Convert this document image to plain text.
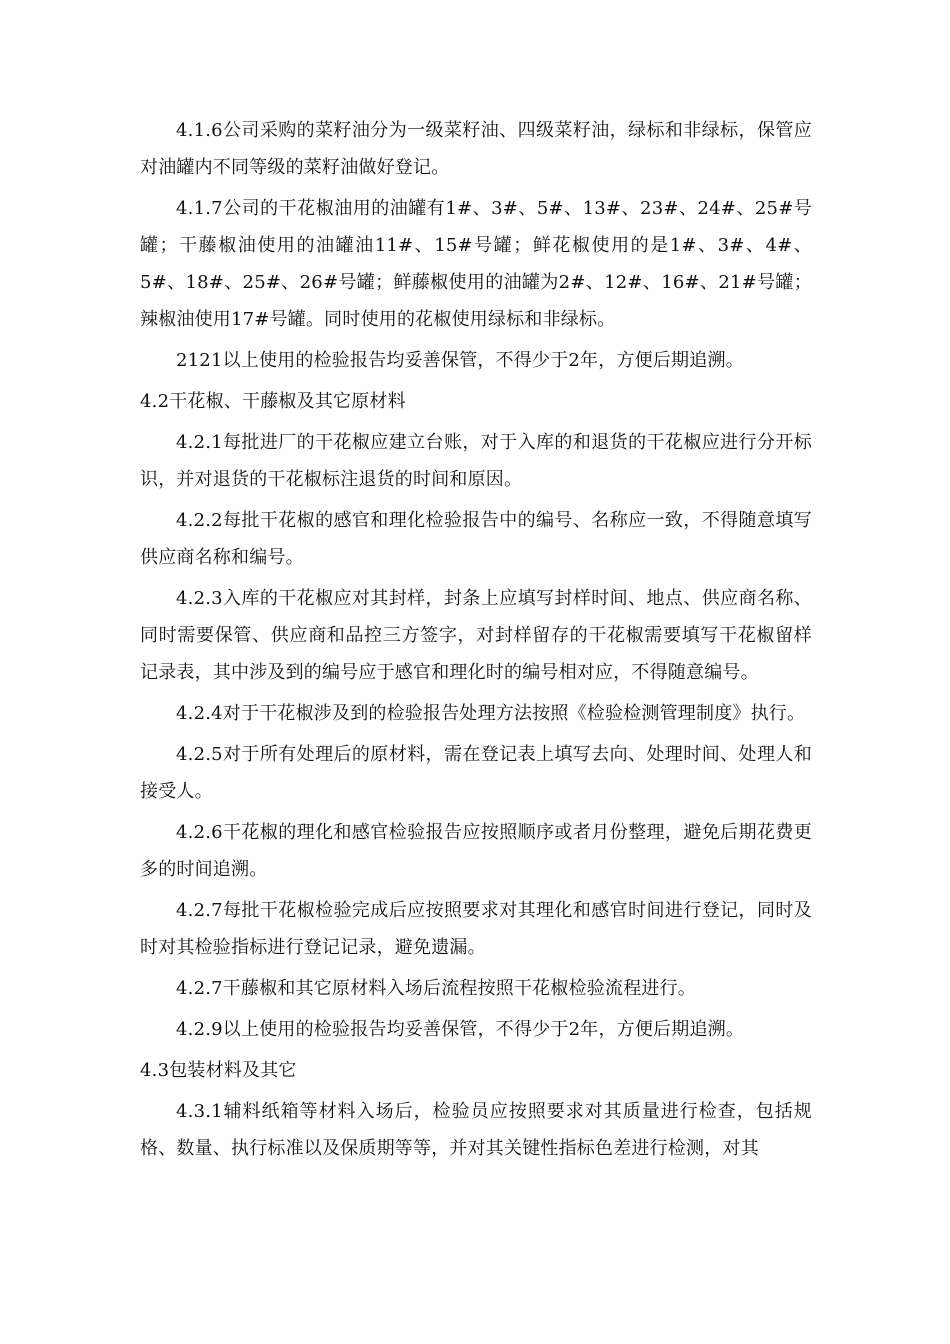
4.1.6公司采购的菜籽油分为一级菜籽油、四级菜籽油，绿标和非绿标，保管应对油罐内不同等级的菜籽油做好登记。

4.1.7公司的干花椒油用的油罐有1#、3#、5#、13#、23#、24#、25#号罐；干藤椒油使用的油罐油11#、15#号罐；鲜花椒使用的是1#、3#、4#、5#、18#、25#、26#号罐；鲜藤椒使用的油罐为2#、12#、16#、21#号罐；辣椒油使用17#号罐。同时使用的花椒使用绿标和非绿标。

2121以上使用的检验报告均妥善保管，不得少于2年，方便后期追溯。

4.2干花椒、干藤椒及其它原材料

4.2.1每批进厂的干花椒应建立台账，对于入库的和退货的干花椒应进行分开标识，并对退货的干花椒标注退货的时间和原因。

4.2.2每批干花椒的感官和理化检验报告中的编号、名称应一致，不得随意填写供应商名称和编号。

4.2.3入库的干花椒应对其封样，封条上应填写封样时间、地点、供应商名称、同时需要保管、供应商和品控三方签字，对封样留存的干花椒需要填写干花椒留样记录表，其中涉及到的编号应于感官和理化时的编号相对应，不得随意编号。

4.2.4对于干花椒涉及到的检验报告处理方法按照《检验检测管理制度》执行。

4.2.5对于所有处理后的原材料，需在登记表上填写去向、处理时间、处理人和接受人。

4.2.6干花椒的理化和感官检验报告应按照顺序或者月份整理，避免后期花费更多的时间追溯。

4.2.7每批干花椒检验完成后应按照要求对其理化和感官时间进行登记，同时及时对其检验指标进行登记记录，避免遗漏。

4.2.7干藤椒和其它原材料入场后流程按照干花椒检验流程进行。

4.2.9以上使用的检验报告均妥善保管，不得少于2年，方便后期追溯。

4.3包装材料及其它

4.3.1辅料纸箱等材料入场后，检验员应按照要求对其质量进行检查，包括规格、数量、执行标准以及保质期等等，并对其关键性指标色差进行检测，对其
